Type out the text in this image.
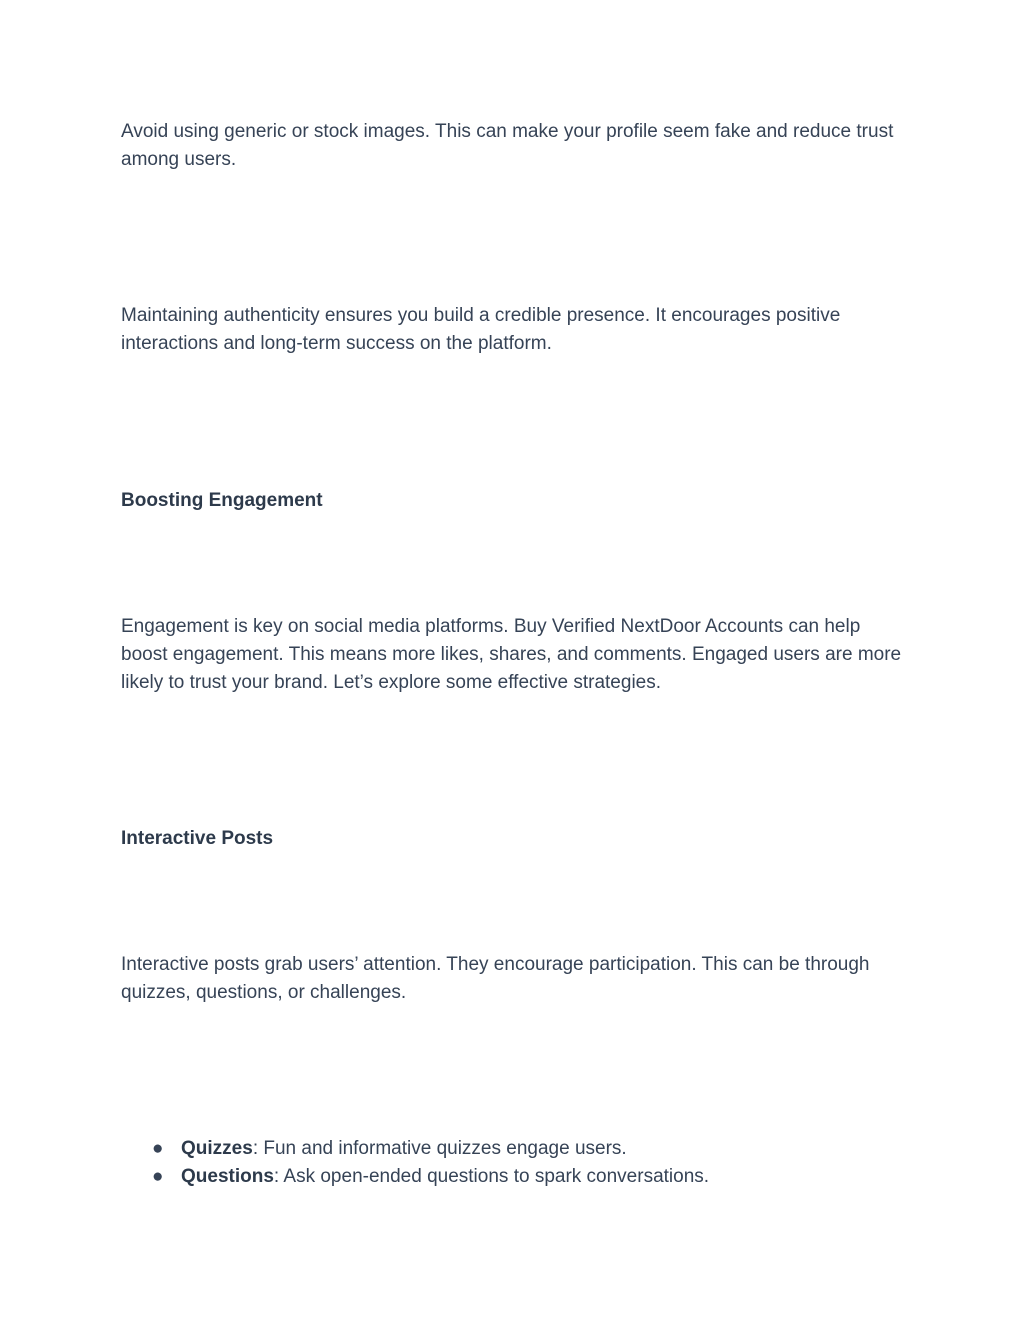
Avoid using generic or stock images. This can make your profile seem fake and reduce trust among users.

Maintaining authenticity ensures you build a credible presence. It encourages positive interactions and long-term success on the platform.

Boosting Engagement

Engagement is key on social media platforms. Buy Verified NextDoor Accounts can help boost engagement. This means more likes, shares, and comments. Engaged users are more likely to trust your brand. Let’s explore some effective strategies.

Interactive Posts

Interactive posts grab users’ attention. They encourage participation. This can be through quizzes, questions, or challenges.

● Quizzes: Fun and informative quizzes engage users.
● Questions: Ask open-ended questions to spark conversations.
